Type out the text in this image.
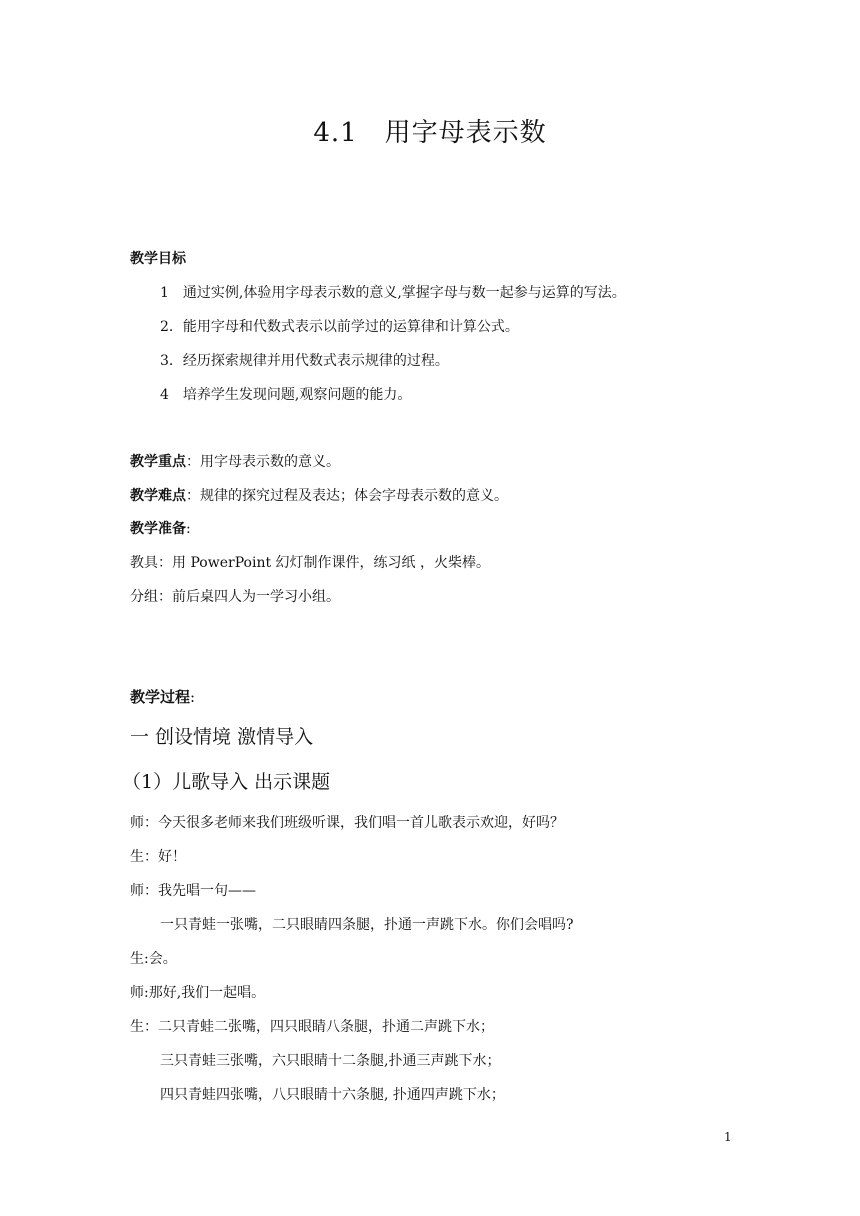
4.1　用字母表示数
教学目标
1　通过实例,体验用字母表示数的意义,掌握字母与数一起参与运算的写法。
2．能用字母和代数式表示以前学过的运算律和计算公式。
3．经历探索规律并用代数式表示规律的过程。
4　培养学生发现问题,观察问题的能力。
教学重点：用字母表示数的意义。
教学难点：规律的探究过程及表达；体会字母表示数的意义。
教学准备:
教具：用 PowerPoint 幻灯制作课件，练习纸 ，火柴棒。
分组：前后桌四人为一学习小组。
教学过程:
一 创设情境 激情导入
（1）儿歌导入 出示课题
师：今天很多老师来我们班级听课，我们唱一首儿歌表示欢迎，好吗？
生：好！
师：我先唱一句——
一只青蛙一张嘴，二只眼睛四条腿，扑通一声跳下水。你们会唱吗?
生:会。
师:那好,我们一起唱。
生：二只青蛙二张嘴，四只眼睛八条腿，扑通二声跳下水；
三只青蛙三张嘴，六只眼睛十二条腿,扑通三声跳下水；
四只青蛙四张嘴，八只眼睛十六条腿, 扑通四声跳下水；
1
